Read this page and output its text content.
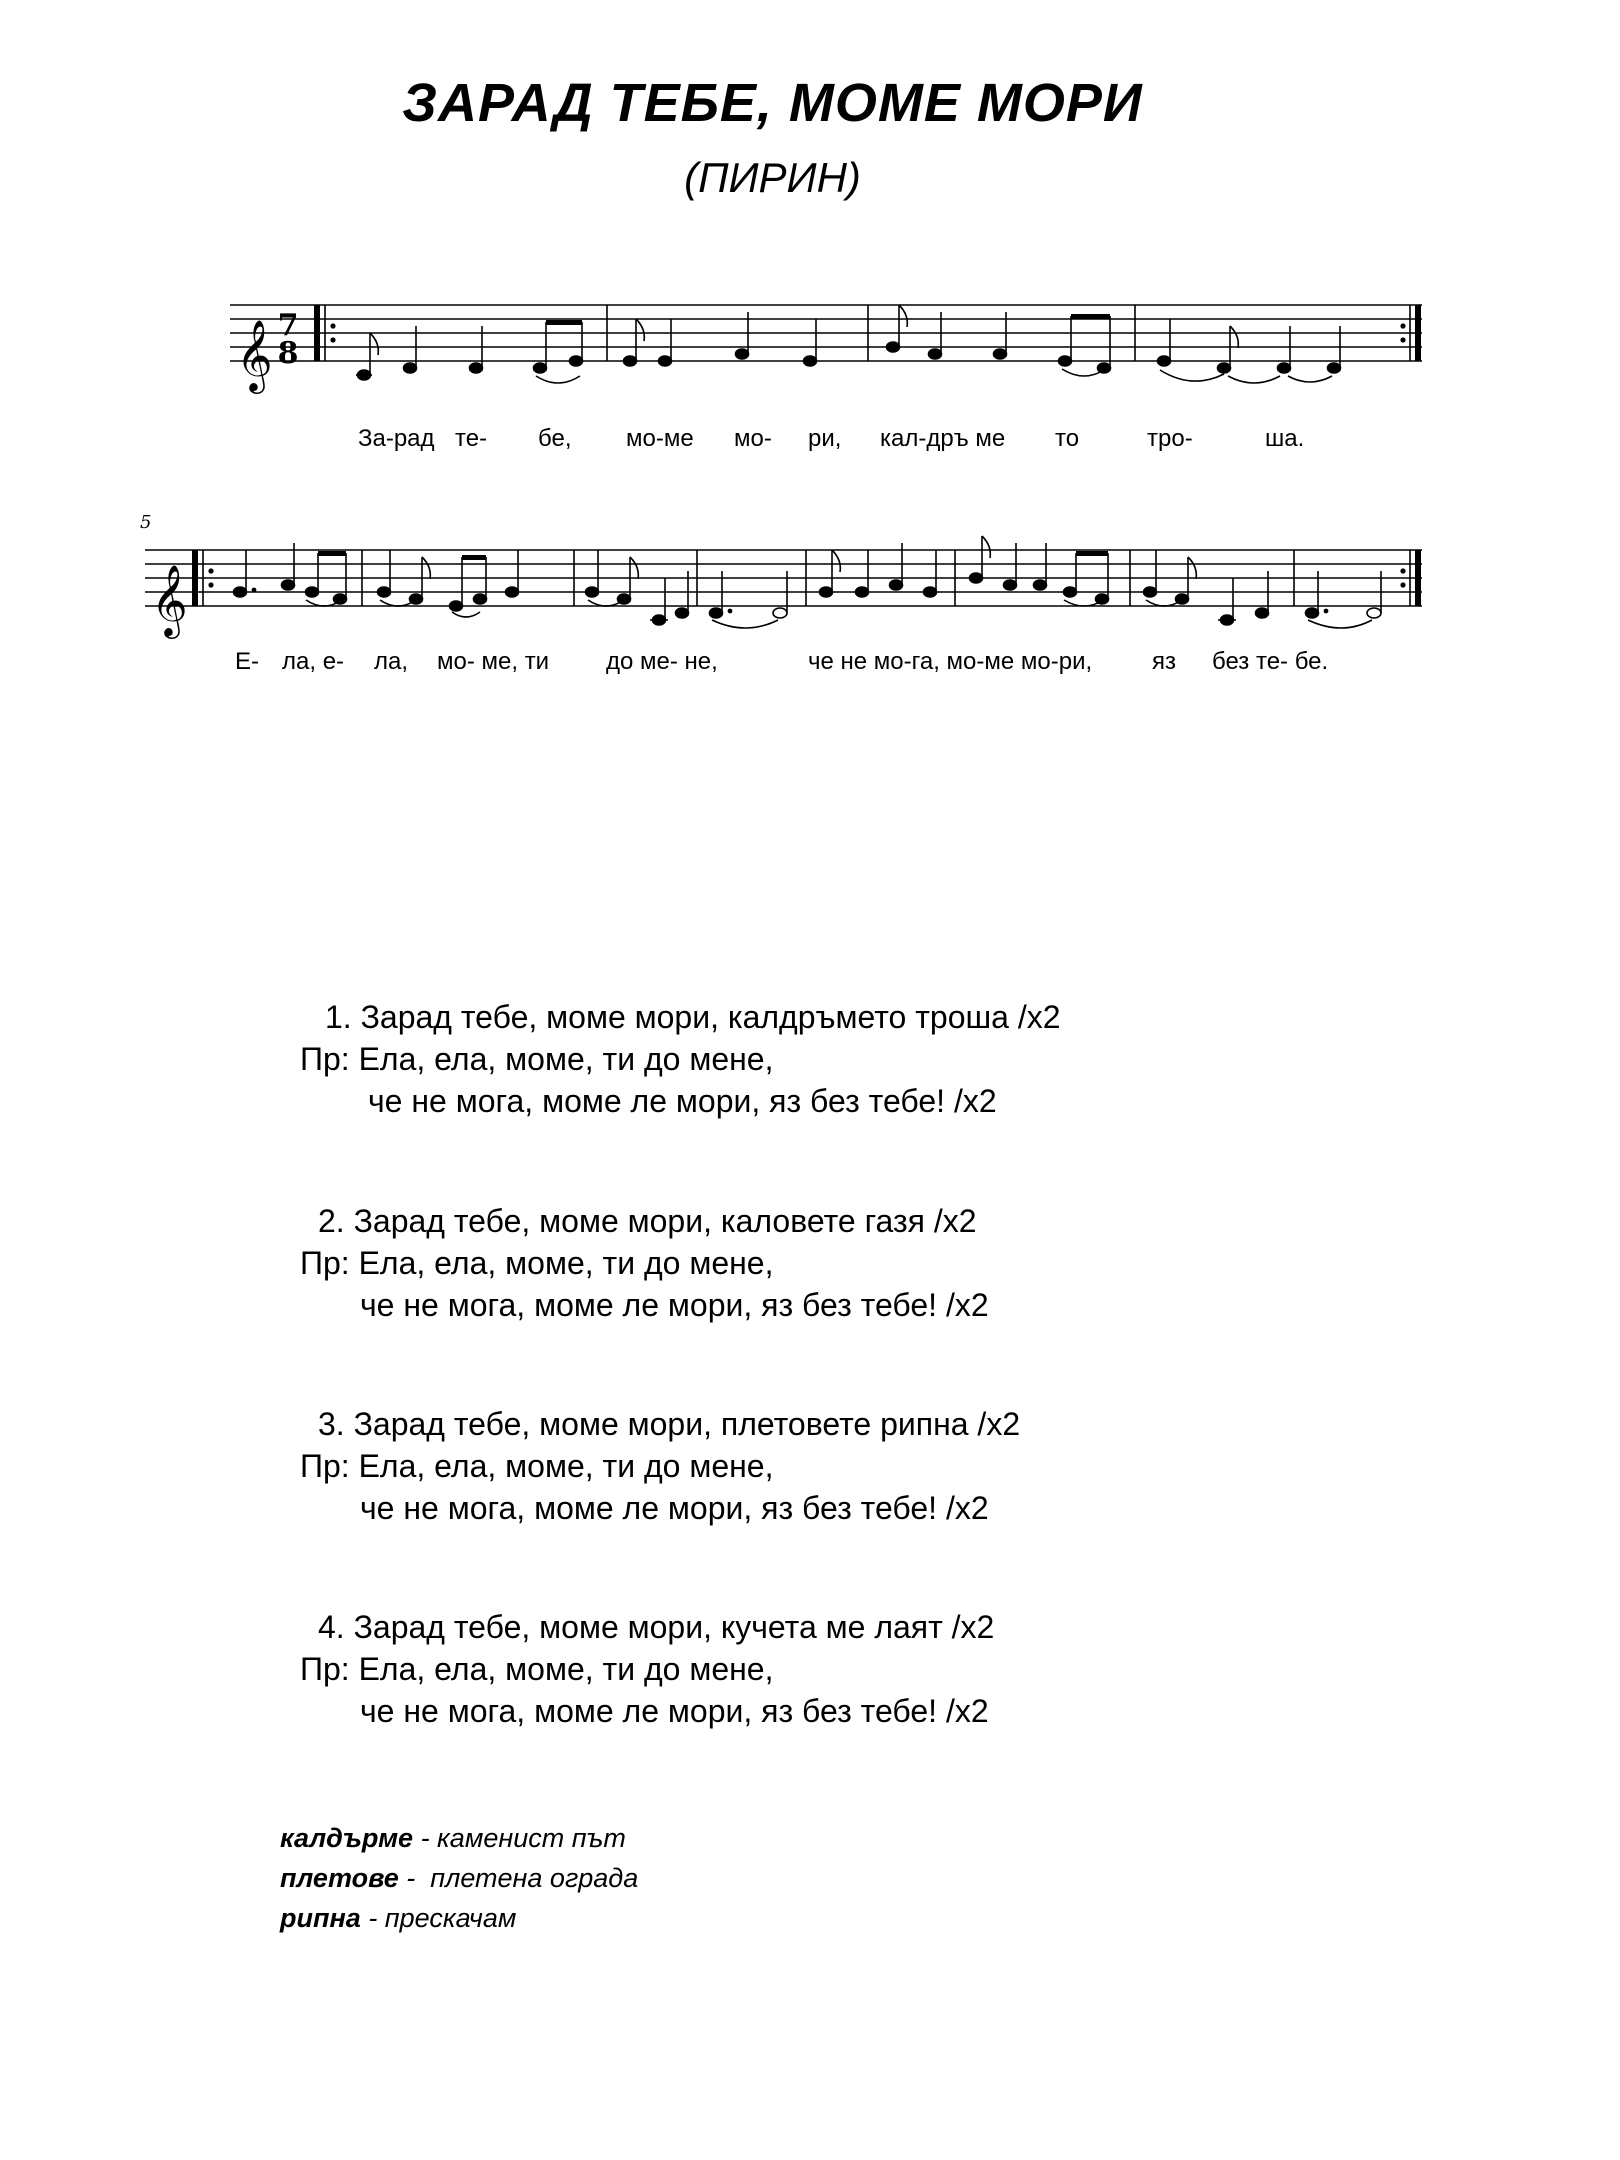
ЗАРАД ТЕБЕ, МОМЕ МОРИ
(ПИРИН)
𝄞 7
8
5
𝄞
За-рад те- бе, мо-ме мо- ри, кал-дръ ме то	тро-	ша.
Е- ла, е- ла, мо- ме, ти до ме- не,	че не мо-га, мо-ме мо-ри, яз без те- бе.
1. Зарад тебе, моме мори, калдръмето троша /x2
Пр: Ела, ела, моме, ти до мене,
че не мога, моме ле мори, яз без тебе! /x2
2. Зарад тебе, моме мори, каловете газя /x2
Пр: Ела, ела, моме, ти до мене,
че не мога, моме ле мори, яз без тебе! /x2
3. Зарад тебе, моме мори, плетовете рипна /x2
Пр: Ела, ела, моме, ти до мене,
че не мога, моме ле мори, яз без тебе! /x2
4. Зарад тебе, моме мори, кучета ме лаят /x2
Пр: Ела, ела, моме, ти до мене,
че не мога, моме ле мори, яз без тебе! /x2
калдърме - каменист път
плетове -  плетена ограда
рипна - прескачам
